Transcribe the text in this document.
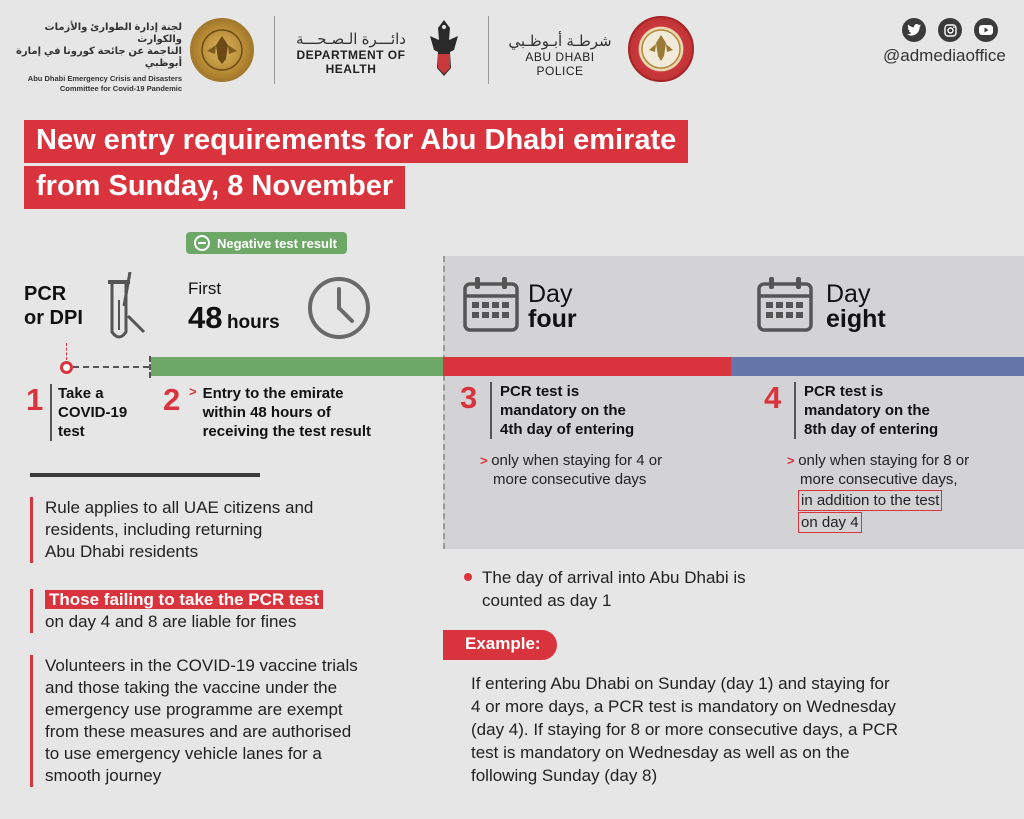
لجنة إدارة الطوارئ والأزمات والكوارث
الناجمة عن جائحة كورونا في إمارة أبوظبي
Abu Dhabi Emergency Crisis and Disasters
Committee for Covid-19 Pandemic
دائـــرة الـصـحـــة
DEPARTMENT OF HEALTH
شرطـة أبـوظـبي
ABU DHABI POLICE
@admediaoffice
New entry requirements for Abu Dhabi emirate
from Sunday, 8 November
Negative test result
PCR
or DPI
First
48 hours
Day
four
Day
eight
1 Take a
COVID-19
test
2 > Entry to the emirate
within 48 hours of
receiving the test result
3	PCR test is
mandatory on the
4th day of entering
> only when staying for 4 or
more consecutive days
4	PCR test is
mandatory on the
8th day of entering
> only when staying for 8 or
more consecutive days,
in addition to the test
on day 4
Rule applies to all UAE citizens and
residents, including returning
Abu Dhabi residents
Those failing to take the PCR test
on day 4 and 8 are liable for fines
Volunteers in the COVID-19 vaccine trials
and those taking the vaccine under the
emergency use programme are exempt
from these measures and are authorised
to use emergency vehicle lanes for a
smooth journey
The day of arrival into Abu Dhabi is
counted as day 1
Example:
If entering Abu Dhabi on Sunday (day 1) and staying for
4 or more days, a PCR test is mandatory on Wednesday
(day 4). If staying for 8 or more consecutive days, a PCR
test is mandatory on Wednesday as well as on the
following Sunday (day 8)
